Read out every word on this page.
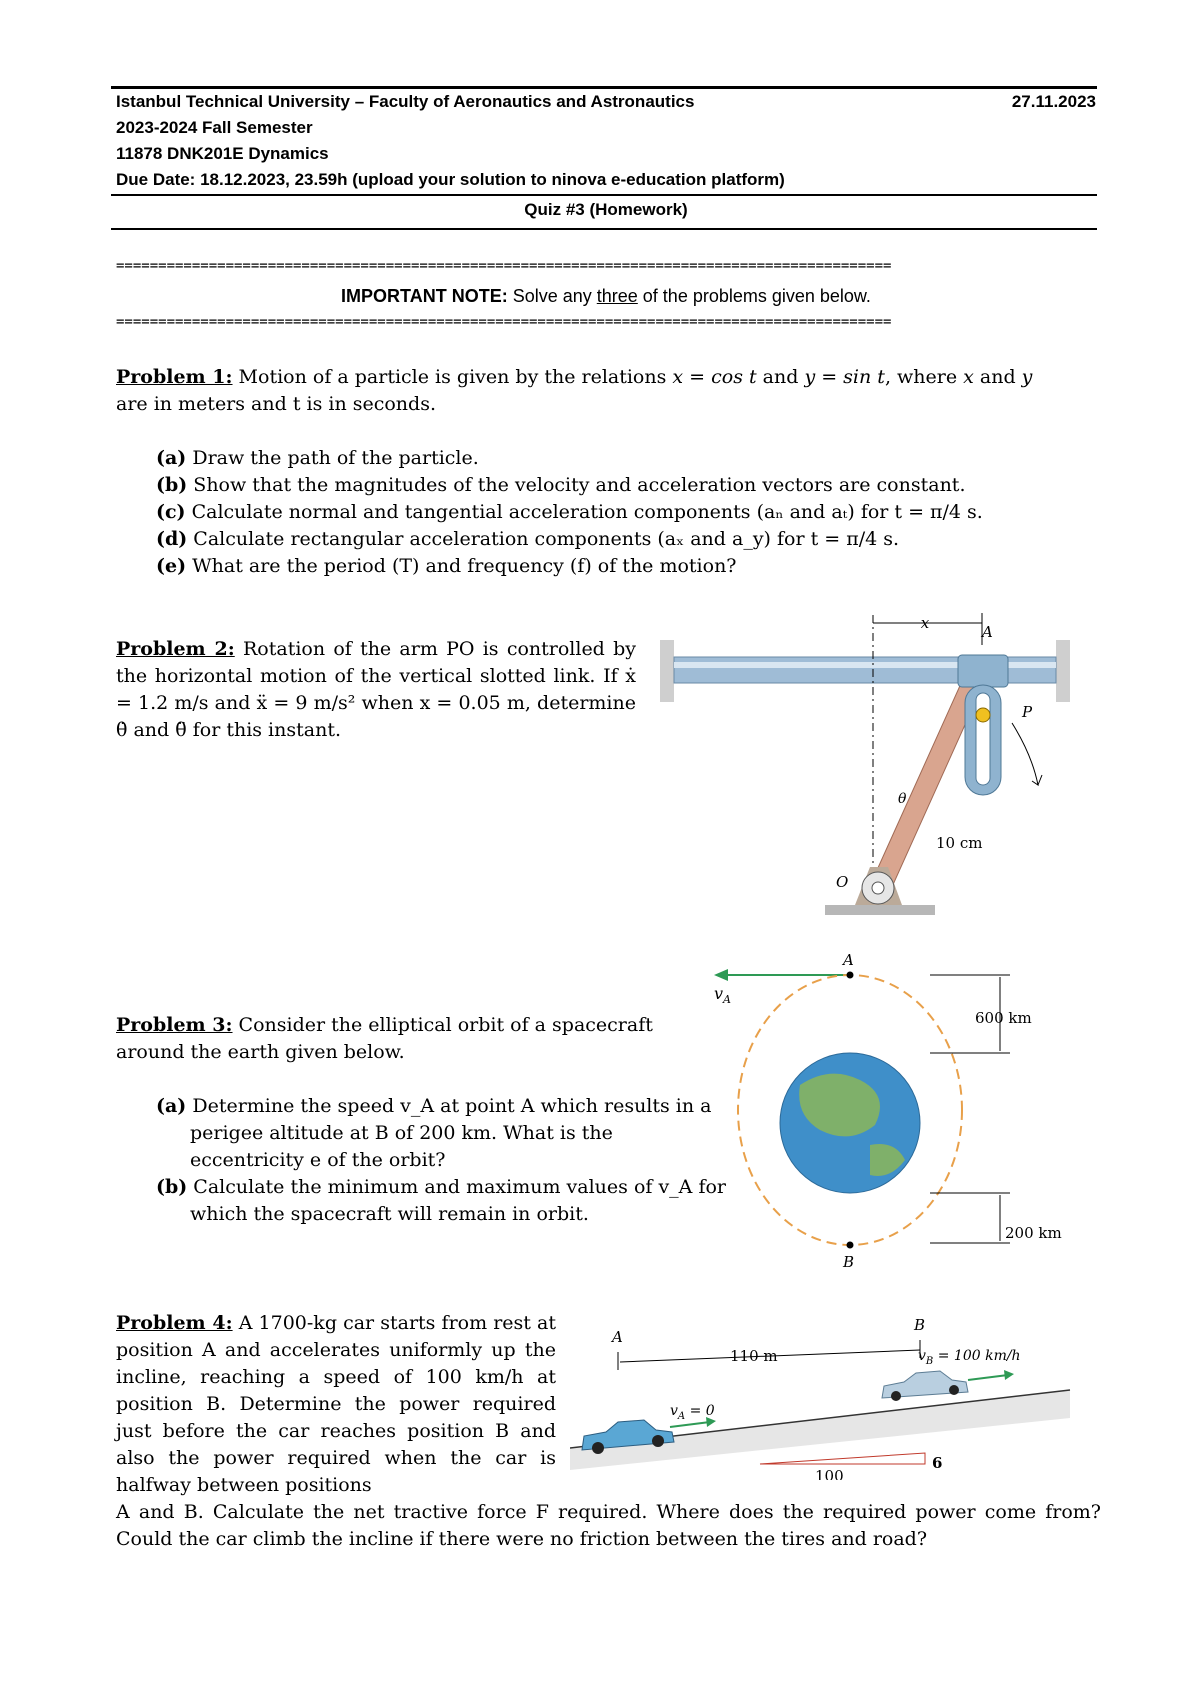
Istanbul Technical University – Faculty of Aeronautics and Astronautics	27.11.2023
2023-2024 Fall Semester
11878 DNK201E Dynamics
Due Date: 18.12.2023, 23.59h (upload your solution to ninova e-education platform)
Quiz #3 (Homework)
============================================================================================
IMPORTANT NOTE: Solve any three of the problems given below.
============================================================================================
Problem 1: Motion of a particle is given by the relations x = cos t and y = sin t, where x and y
are in meters and t is in seconds.
(a) Draw the path of the particle.
(b) Show that the magnitudes of the velocity and acceleration vectors are constant.
(c) Calculate normal and tangential acceleration components (aₙ and aₜ) for t = π/4 s.
(d) Calculate rectangular acceleration components (aₓ and a_y) for t = π/4 s.
(e) What are the period (T) and frequency (f) of the motion?
Problem 2: Rotation of the arm PO is controlled by the horizontal motion of the vertical slotted link. If ẋ = 1.2 m/s and ẍ = 9 m/s² when x = 0.05 m, determine θ̇ and θ̈ for this instant.
x	A
P
θ
10 cm
O
Problem 3: Consider the elliptical orbit of a spacecraft around the earth given below.
(a) Determine the speed v_A at point A which results in a perigee altitude at B of 200 km. What is the eccentricity e of the orbit?
(b) Calculate the minimum and maximum values of v_A for which the spacecraft will remain in orbit.
$v_A$
A
B
600 km
200 km
Problem 4: A 1700-kg car starts from rest at position A and accelerates uniformly up the incline, reaching a speed of 100 km/h at position B. Determine the power required just before the car reaches position B and also the power required when the car is halfway between positions
A and B. Calculate the net tractive force F required. Where does the required power come from? Could the car climb the incline if there were no friction between the tires and road?
100
6
110 m
A
B
$v_A = 0$
$v_B = 100$ km/h
